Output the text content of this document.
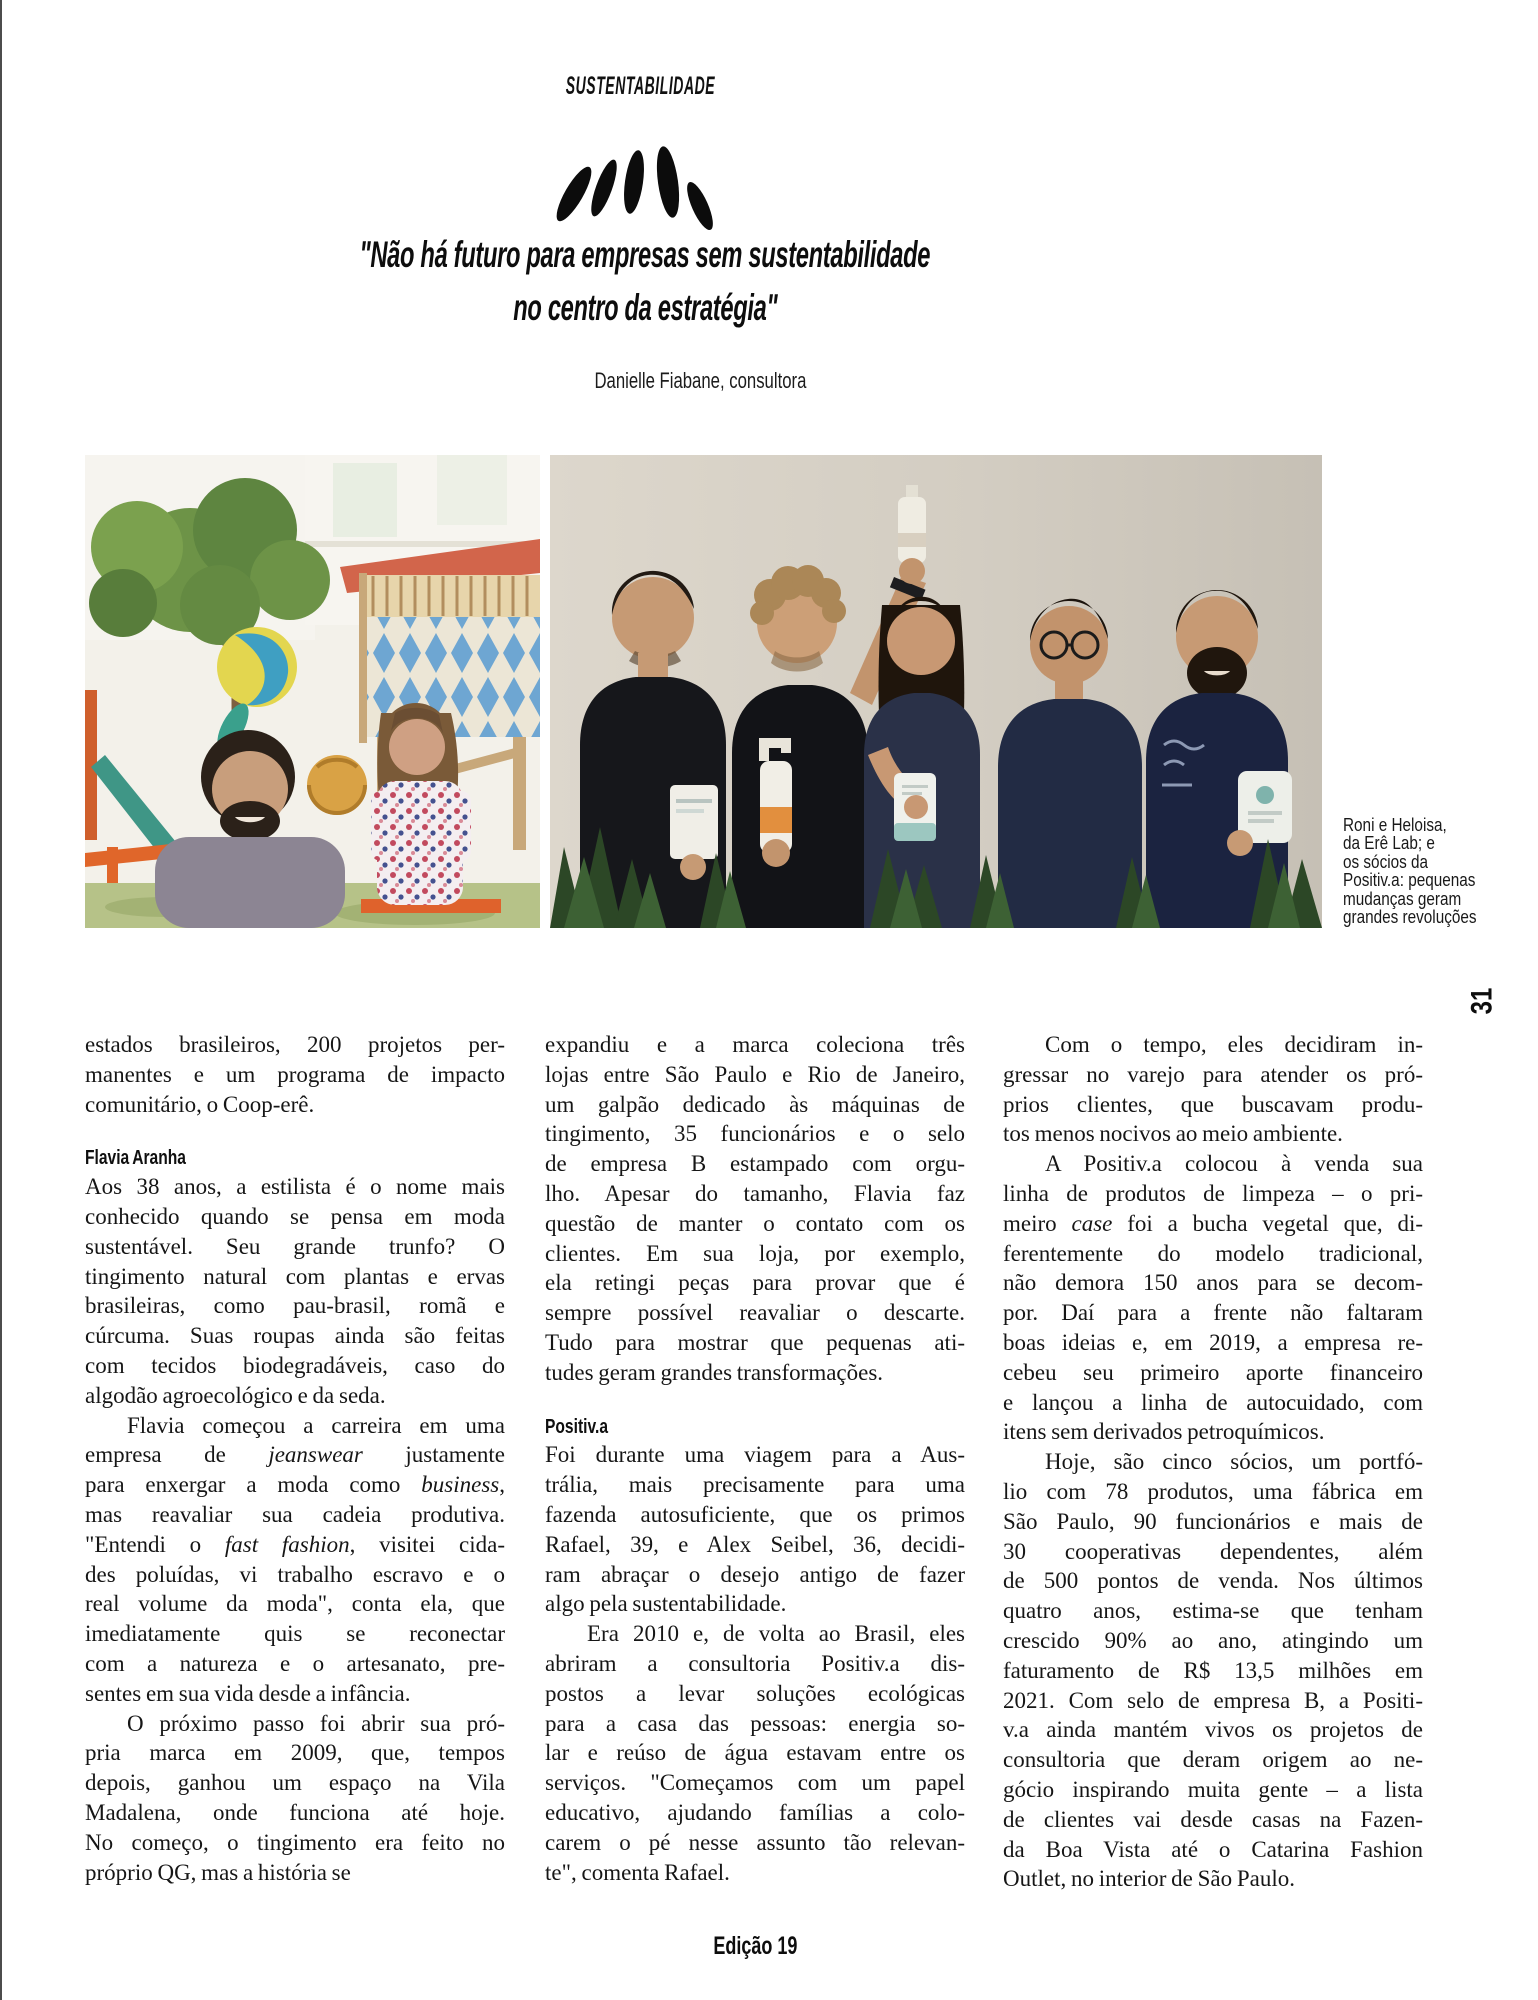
SUSTENTABILIDADE
"Não há futuro para empresas sem sustentabilidade
no centro da estratégia"
Danielle Fiabane, consultora
Roni e Heloisa,
da Erê Lab; e
os sócios da
Positiv.a: pequenas
mudanças geram
grandes revoluções
31
estados brasileiros, 200 projetos per-
manentes e um programa de impacto
comunitário, o Coop-erê.
Flavia Aranha
Aos 38 anos, a estilista é o nome mais
conhecido quando se pensa em moda
sustentável. Seu grande trunfo? O
tingimento natural com plantas e ervas
brasileiras, como pau-brasil, romã e
cúrcuma. Suas roupas ainda são feitas
com tecidos biodegradáveis, caso do
algodão agroecológico e da seda.
Flavia começou a carreira em uma
empresa de jeanswear justamente
para enxergar a moda como business,
mas reavaliar sua cadeia produtiva.
"Entendi o fast fashion, visitei cida-
des poluídas, vi trabalho escravo e o
real volume da moda", conta ela, que
imediatamente quis se reconectar
com a natureza e o artesanato, pre-
sentes em sua vida desde a infância.
O próximo passo foi abrir sua pró-
pria marca em 2009, que, tempos
depois, ganhou um espaço na Vila
Madalena, onde funciona até hoje.
No começo, o tingimento era feito no
próprio QG, mas a história se
expandiu e a marca coleciona três
lojas entre São Paulo e Rio de Janeiro,
um galpão dedicado às máquinas de
tingimento, 35 funcionários e o selo
de empresa B estampado com orgu-
lho. Apesar do tamanho, Flavia faz
questão de manter o contato com os
clientes. Em sua loja, por exemplo,
ela retingi peças para provar que é
sempre possível reavaliar o descarte.
Tudo para mostrar que pequenas ati-
tudes geram grandes transformações.
Positiv.a
Foi durante uma viagem para a Aus-
trália, mais precisamente para uma
fazenda autosuficiente, que os primos
Rafael, 39, e Alex Seibel, 36, decidi-
ram abraçar o desejo antigo de fazer
algo pela sustentabilidade.
Era 2010 e, de volta ao Brasil, eles
abriram a consultoria Positiv.a dis-
postos a levar soluções ecológicas
para a casa das pessoas: energia so-
lar e reúso de água estavam entre os
serviços. "Começamos com um papel
educativo, ajudando famílias a colo-
carem o pé nesse assunto tão relevan-
te", comenta Rafael.
Com o tempo, eles decidiram in-
gressar no varejo para atender os pró-
prios clientes, que buscavam produ-
tos menos nocivos ao meio ambiente.
A Positiv.a colocou à venda sua
linha de produtos de limpeza – o pri-
meiro case foi a bucha vegetal que, di-
ferentemente do modelo tradicional,
não demora 150 anos para se decom-
por. Daí para a frente não faltaram
boas ideias e, em 2019, a empresa re-
cebeu seu primeiro aporte financeiro
e lançou a linha de autocuidado, com
itens sem derivados petroquímicos.
Hoje, são cinco sócios, um portfó-
lio com 78 produtos, uma fábrica em
São Paulo, 90 funcionários e mais de
30 cooperativas dependentes, além
de 500 pontos de venda. Nos últimos
quatro anos, estima-se que tenham
crescido 90% ao ano, atingindo um
faturamento de R$ 13,5 milhões em
2021. Com selo de empresa B, a Positi-
v.a ainda mantém vivos os projetos de
consultoria que deram origem ao ne-
gócio inspirando muita gente – a lista
de clientes vai desde casas na Fazen-
da Boa Vista até o Catarina Fashion
Outlet, no interior de São Paulo.
Edição 19
